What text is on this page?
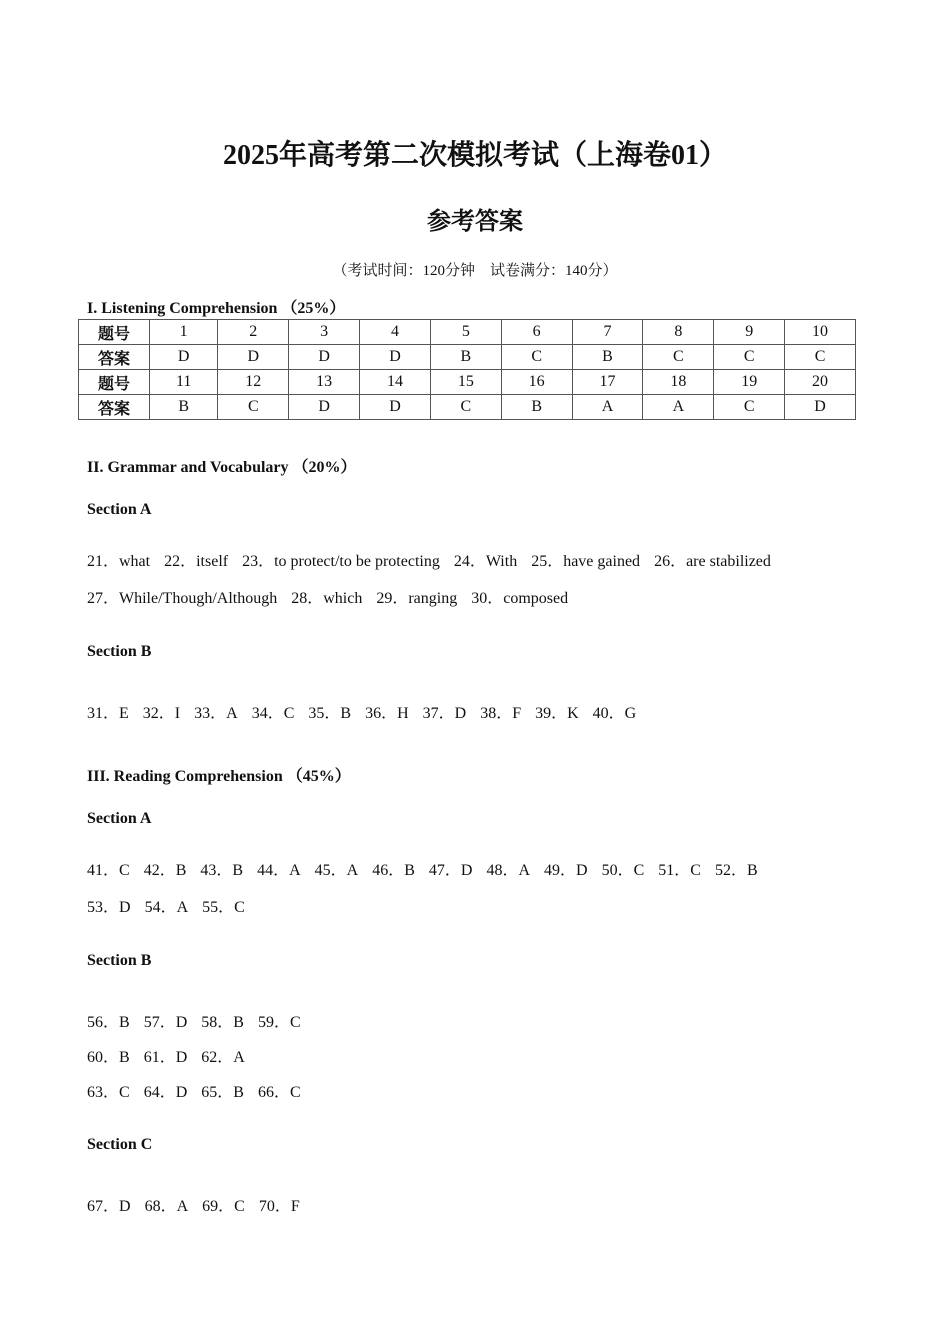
2025年高考第二次模拟考试（上海卷01）
参考答案
（考试时间：120分钟　试卷满分：140分）
I. Listening Comprehension （25%）
题号	1	2	3	4	5	6	7	8	9	10
答案	D	D	D	D	B	C	B	C	C	C
题号	11	12	13	14	15	16	17	18	19	20
答案	B	C	D	D	C	B	A	A	C	D
II. Grammar and Vocabulary （20%）
Section A
21．what 22．itself 23．to protect/to be protecting 24．With 25．have gained 26．are stabilized
27．While/Though/Although 28．which 29．ranging 30．composed
Section B
31．E 32．I 33．A 34．C 35．B 36．H 37．D 38．F 39．K 40．G
III. Reading Comprehension （45%）
Section A
41．C 42．B 43．B 44．A 45．A 46．B 47．D 48．A 49．D 50．C 51．C 52．B
53．D 54．A 55．C
Section B
56．B 57．D 58．B 59．C
60．B 61．D 62．A
63．C 64．D 65．B 66．C
Section C
67．D 68．A 69．C 70．F
